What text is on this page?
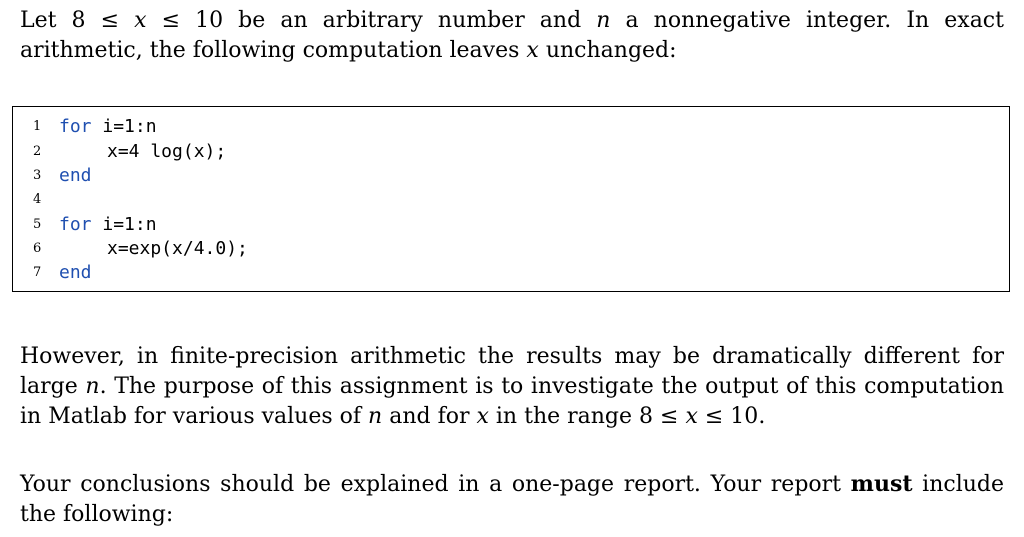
Let 8 ≤ x ≤ 10 be an arbitrary number and n a nonnegative integer. In exact arithmetic, the following computation leaves x unchanged:
1 for i=1:n
2	x=4 log(x);
3 end
4
5 for i=1:n
6	x=exp(x/4.0);
7 end
However, in finite-precision arithmetic the results may be dramatically different for large n. The purpose of this assignment is to investigate the output of this computation in Matlab for various values of n and for x in the range 8 ≤ x ≤ 10.
Your conclusions should be explained in a one-page report. Your report must include the following:
